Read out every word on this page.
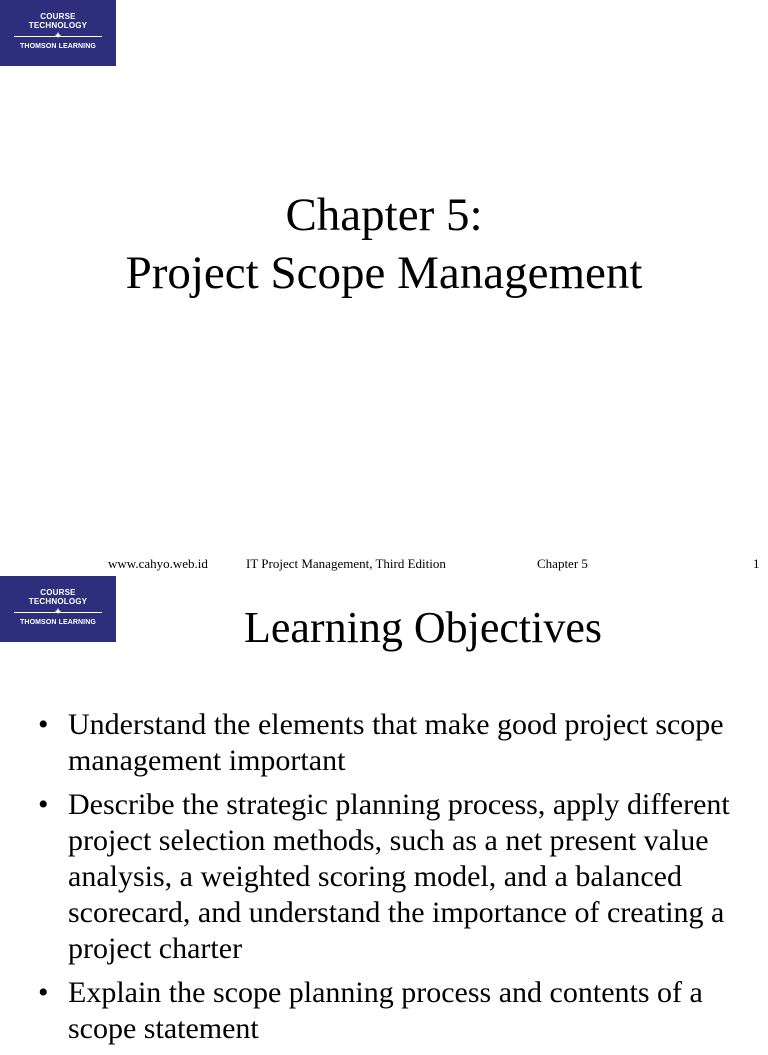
COURSE
TECHNOLOGY
✦
THOMSON LEARNING
Chapter 5:
Project Scope Management
www.cahyo.web.id	IT Project Management, Third Edition	Chapter 5	1
COURSE
TECHNOLOGY
✦
THOMSON LEARNING	Learning Objectives
• Understand the elements that make good project scope management important
• Describe the strategic planning process, apply different project selection methods, such as a net present value analysis, a weighted scoring model, and a balanced scorecard, and understand the importance of creating a project charter
• Explain the scope planning process and contents of a scope statement
